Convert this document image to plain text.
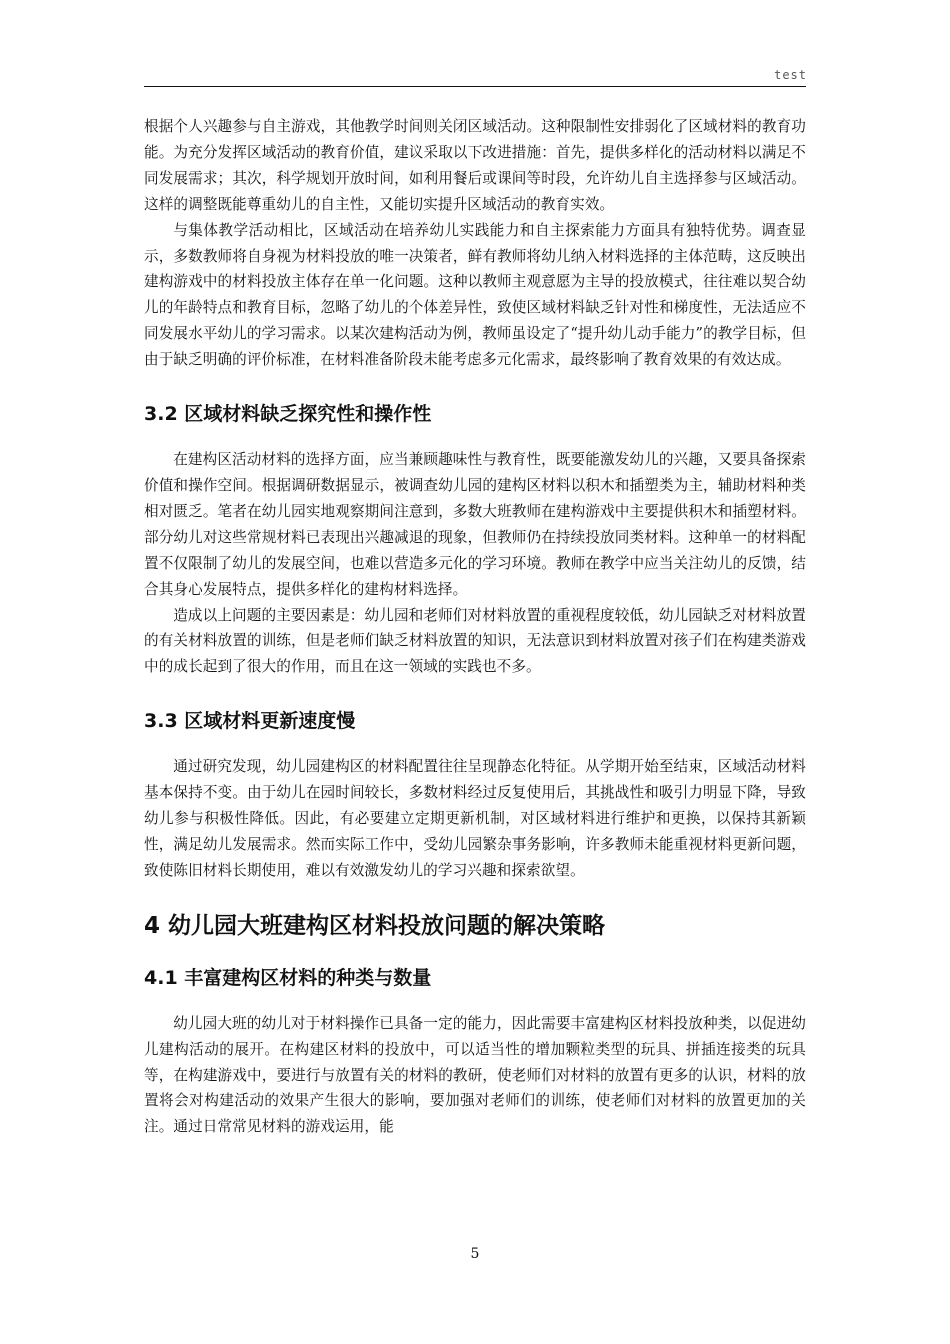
test

根据个人兴趣参与自主游戏，其他教学时间则关闭区域活动。这种限制性安排弱化了区域材料的教育功能。为充分发挥区域活动的教育价值，建议采取以下改进措施：首先，提供多样化的活动材料以满足不同发展需求；其次，科学规划开放时间，如利用餐后或课间等时段，允许幼儿自主选择参与区域活动。这样的调整既能尊重幼儿的自主性，又能切实提升区域活动的教育实效。

与集体教学活动相比，区域活动在培养幼儿实践能力和自主探索能力方面具有独特优势。调查显示，多数教师将自身视为材料投放的唯一决策者，鲜有教师将幼儿纳入材料选择的主体范畴，这反映出建构游戏中的材料投放主体存在单一化问题。这种以教师主观意愿为主导的投放模式，往往难以契合幼儿的年龄特点和教育目标，忽略了幼儿的个体差异性，致使区域材料缺乏针对性和梯度性，无法适应不同发展水平幼儿的学习需求。以某次建构活动为例，教师虽设定了“提升幼儿动手能力”的教学目标，但由于缺乏明确的评价标准，在材料准备阶段未能考虑多元化需求，最终影响了教育效果的有效达成。

3.2 区域材料缺乏探究性和操作性

在建构区活动材料的选择方面，应当兼顾趣味性与教育性，既要能激发幼儿的兴趣，又要具备探索价值和操作空间。根据调研数据显示，被调查幼儿园的建构区材料以积木和插塑类为主，辅助材料种类相对匮乏。笔者在幼儿园实地观察期间注意到，多数大班教师在建构游戏中主要提供积木和插塑材料。部分幼儿对这些常规材料已表现出兴趣减退的现象，但教师仍在持续投放同类材料。这种单一的材料配置不仅限制了幼儿的发展空间，也难以营造多元化的学习环境。教师在教学中应当关注幼儿的反馈，结合其身心发展特点，提供多样化的建构材料选择。

造成以上问题的主要因素是：幼儿园和老师们对材料放置的重视程度较低，幼儿园缺乏对材料放置的有关材料放置的训练，但是老师们缺乏材料放置的知识，无法意识到材料放置对孩子们在构建类游戏中的成长起到了很大的作用，而且在这一领域的实践也不多。

3.3 区域材料更新速度慢

通过研究发现，幼儿园建构区的材料配置往往呈现静态化特征。从学期开始至结束，区域活动材料基本保持不变。由于幼儿在园时间较长，多数材料经过反复使用后，其挑战性和吸引力明显下降，导致幼儿参与积极性降低。因此，有必要建立定期更新机制，对区域材料进行维护和更换，以保持其新颖性，满足幼儿发展需求。然而实际工作中，受幼儿园繁杂事务影响，许多教师未能重视材料更新问题，致使陈旧材料长期使用，难以有效激发幼儿的学习兴趣和探索欲望。

4 幼儿园大班建构区材料投放问题的解决策略
4.1 丰富建构区材料的种类与数量

幼儿园大班的幼儿对于材料操作已具备一定的能力，因此需要丰富建构区材料投放种类，以促进幼儿建构活动的展开。在构建区材料的投放中，可以适当性的增加颗粒类型的玩具、拼插连接类的玩具等，在构建游戏中，要进行与放置有关的材料的教研，使老师们对材料的放置有更多的认识，材料的放置将会对构建活动的效果产生很大的影响，要加强对老师们的训练，使老师们对材料的放置更加的关注。通过日常常见材料的游戏运用，能

5
